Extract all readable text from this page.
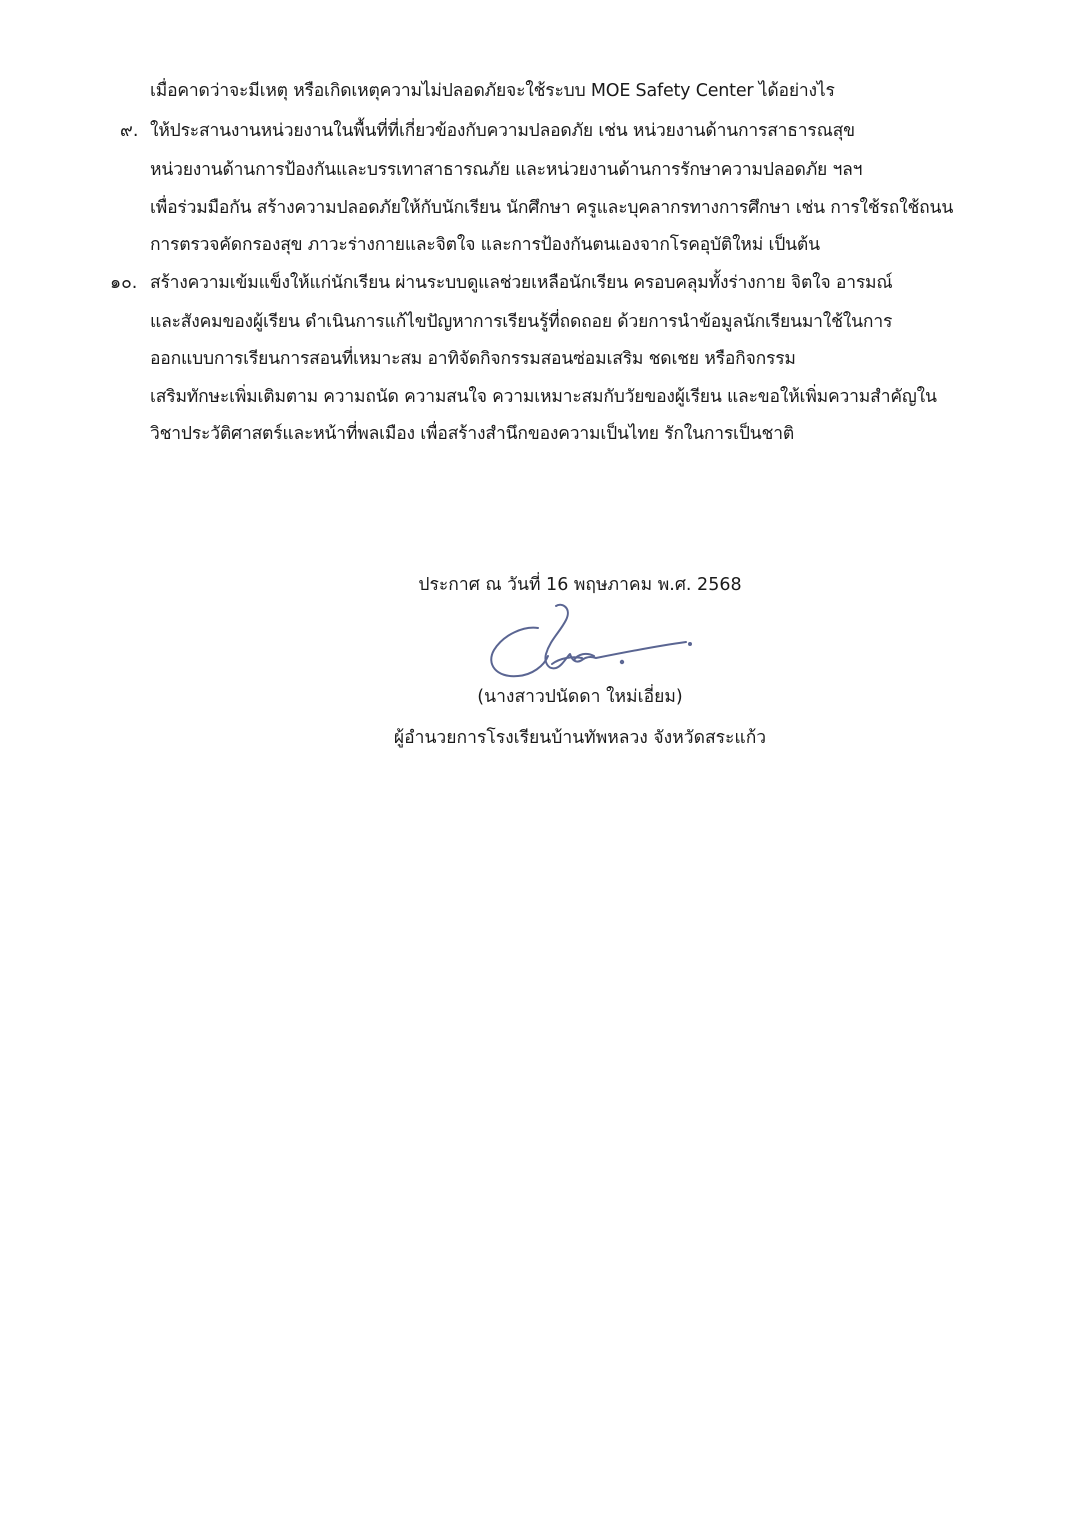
เมื่อคาดว่าจะมีเหตุ หรือเกิดเหตุความไม่ปลอดภัยจะใช้ระบบ MOE Safety Center ได้อย่างไร
๙. ให้ประสานงานหน่วยงานในพื้นที่ที่เกี่ยวข้องกับความปลอดภัย เช่น หน่วยงานด้านการสาธารณสุข
หน่วยงานด้านการป้องกันและบรรเทาสาธารณภัย และหน่วยงานด้านการรักษาความปลอดภัย ฯลฯ
เพื่อร่วมมือกัน สร้างความปลอดภัยให้กับนักเรียน นักศึกษา ครูและบุคลากรทางการศึกษา เช่น การใช้รถใช้ถนน
การตรวจคัดกรองสุข ภาวะร่างกายและจิตใจ และการป้องกันตนเองจากโรคอุบัติใหม่ เป็นต้น
๑๐. สร้างความเข้มแข็งให้แก่นักเรียน ผ่านระบบดูแลช่วยเหลือนักเรียน ครอบคลุมทั้งร่างกาย จิตใจ อารมณ์
และสังคมของผู้เรียน ดำเนินการแก้ไขปัญหาการเรียนรู้ที่ถดถอย ด้วยการนำข้อมูลนักเรียนมาใช้ในการ
ออกแบบการเรียนการสอนที่เหมาะสม อาทิจัดกิจกรรมสอนซ่อมเสริม ชดเชย หรือกิจกรรม
เสริมทักษะเพิ่มเติมตาม ความถนัด ความสนใจ ความเหมาะสมกับวัยของผู้เรียน และขอให้เพิ่มความสำคัญใน
วิชาประวัติศาสตร์และหน้าที่พลเมือง เพื่อสร้างสำนึกของความเป็นไทย รักในการเป็นชาติ
ประกาศ ณ วันที่ 16 พฤษภาคม พ.ศ. 2568
(นางสาวปนัดดา ใหม่เอี่ยม)
ผู้อำนวยการโรงเรียนบ้านทัพหลวง จังหวัดสระแก้ว
